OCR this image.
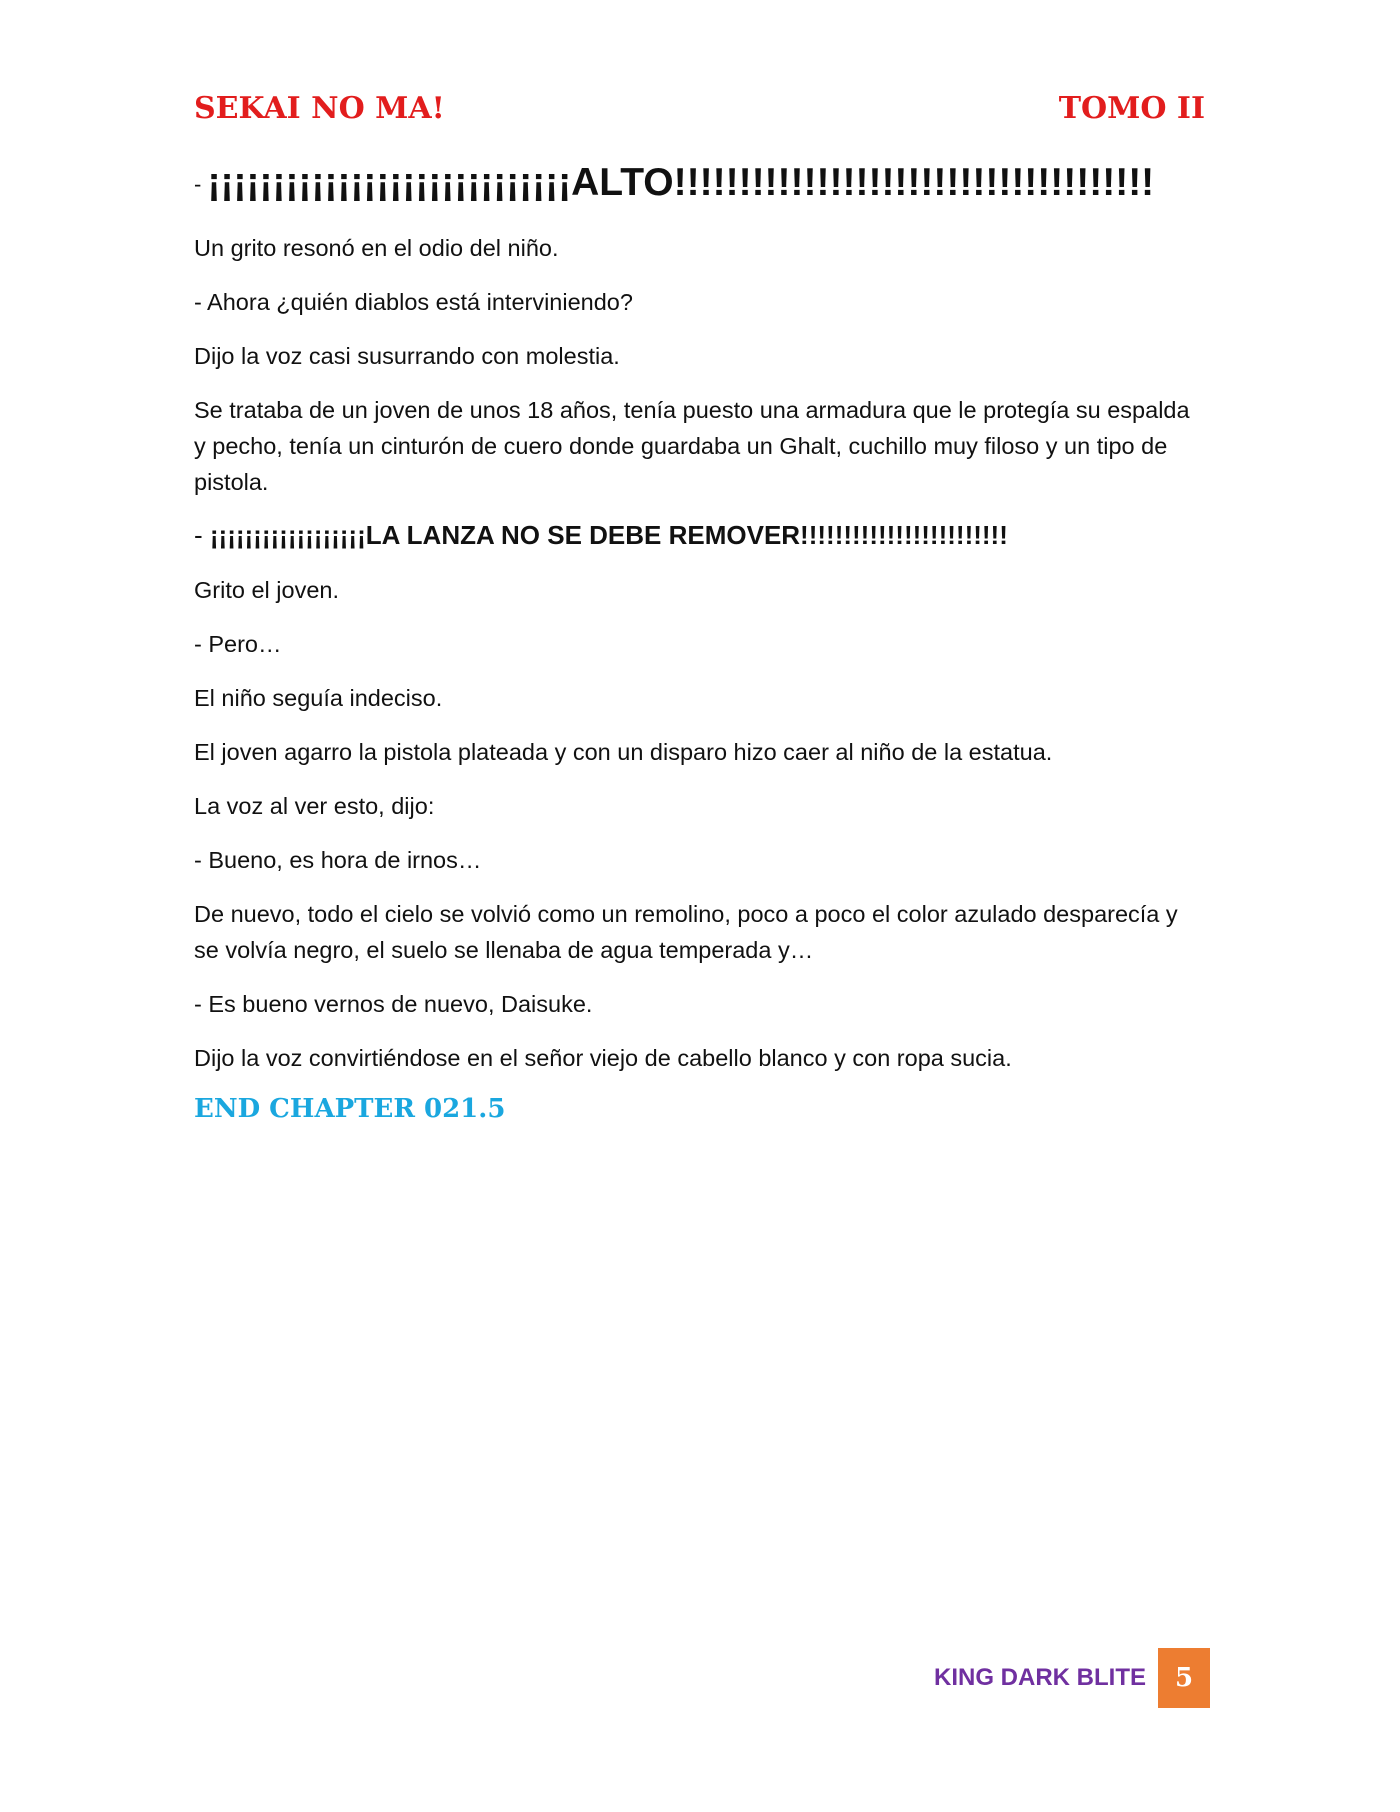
SEKAI NO MA!	TOMO II
- ¡¡¡¡¡¡¡¡¡¡¡¡¡¡¡¡¡¡¡¡¡¡¡¡¡¡¡¡ALTO!!!!!!!!!!!!!!!!!!!!!!!!!!!!!!!!!!!!!

Un grito resonó en el odio del niño.

- Ahora ¿quién diablos está interviniendo?

Dijo la voz casi susurrando con molestia.

Se trataba de un joven de unos 18 años, tenía puesto una armadura que le protegía su espalda y pecho, tenía un cinturón de cuero donde guardaba un Ghalt, cuchillo muy filoso y un tipo de pistola.

- ¡¡¡¡¡¡¡¡¡¡¡¡¡¡¡¡¡¡LA LANZA NO SE DEBE REMOVER!!!!!!!!!!!!!!!!!!!!!!!!

Grito el joven.

- Pero…

El niño seguía indeciso.

El joven agarro la pistola plateada y con un disparo hizo caer al niño de la estatua.

La voz al ver esto, dijo:

- Bueno, es hora de irnos…

De nuevo, todo el cielo se volvió como un remolino, poco a poco el color azulado desparecía y se volvía negro, el suelo se llenaba de agua temperada y…

- Es bueno vernos de nuevo, Daisuke.

Dijo la voz convirtiéndose en el señor viejo de cabello blanco y con ropa sucia.

END CHAPTER 021.5
KING DARK BLITE	5
